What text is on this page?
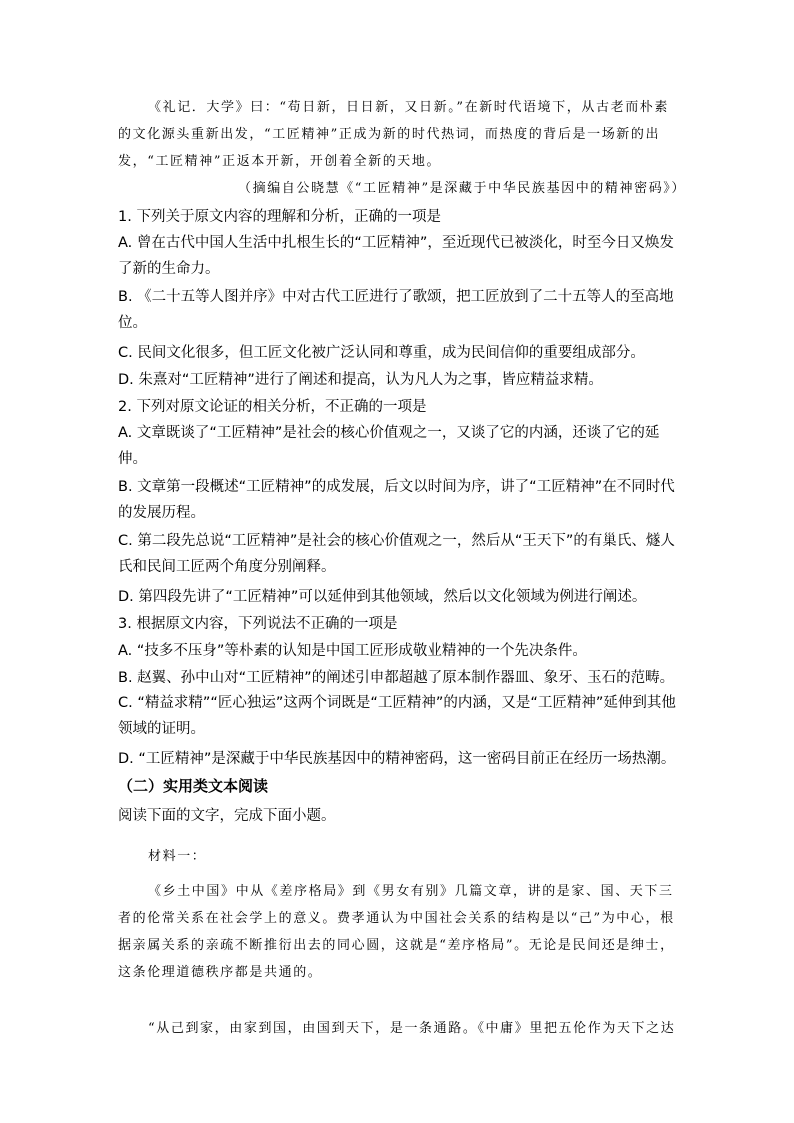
《礼记．大学》曰：“苟日新，日日新，又日新。”在新时代语境下，从古老而朴素的文化源头重新出发，“工匠精神”正成为新的时代热词，而热度的背后是一场新的出发，“工匠精神”正返本开新，开创着全新的天地。

（摘编自公晓慧《“工匠精神”是深藏于中华民族基因中的精神密码》）

1. 下列关于原文内容的理解和分析，正确的一项是

A. 曾在古代中国人生活中扎根生长的“工匠精神”，至近现代已被淡化，时至今日又焕发了新的生命力。

B. 《二十五等人图并序》中对古代工匠进行了歌颂，把工匠放到了二十五等人的至高地位。

C. 民间文化很多，但工匠文化被广泛认同和尊重，成为民间信仰的重要组成部分。

D. 朱熹对“工匠精神”进行了阐述和提高，认为凡人为之事，皆应精益求精。

2. 下列对原文论证的相关分析，不正确的一项是

A. 文章既谈了“工匠精神”是社会的核心价值观之一，又谈了它的内涵，还谈了它的延伸。

B. 文章第一段概述“工匠精神”的成发展，后文以时间为序，讲了“工匠精神”在不同时代的发展历程。

C. 第二段先总说“工匠精神”是社会的核心价值观之一，然后从“王天下”的有巢氏、燧人氏和民间工匠两个角度分别阐释。

D. 第四段先讲了“工匠精神”可以延伸到其他领域，然后以文化领域为例进行阐述。

3. 根据原文内容，下列说法不正确的一项是

A. “技多不压身”等朴素的认知是中国工匠形成敬业精神的一个先决条件。

B. 赵翼、孙中山对“工匠精神”的阐述引申都超越了原本制作器皿、象牙、玉石的范畴。

C. “精益求精”“匠心独运”这两个词既是“工匠精神”的内涵，又是“工匠精神”延伸到其他领域的证明。

D. “工匠精神”是深藏于中华民族基因中的精神密码，这一密码目前正在经历一场热潮。

（二）实用类文本阅读

阅读下面的文字，完成下面小题。

材料一：

《乡土中国》中从《差序格局》到《男女有别》几篇文章，讲的是家、国、天下三者的伦常关系在社会学上的意义。费孝通认为中国社会关系的结构是以“己”为中心，根据亲属关系的亲疏不断推衍出去的同心圆，这就是“差序格局”。无论是民间还是绅士，这条伦理道德秩序都是共通的。

“从己到家，由家到国，由国到天下，是一条通路。《中庸》里把五伦作为天下之达
